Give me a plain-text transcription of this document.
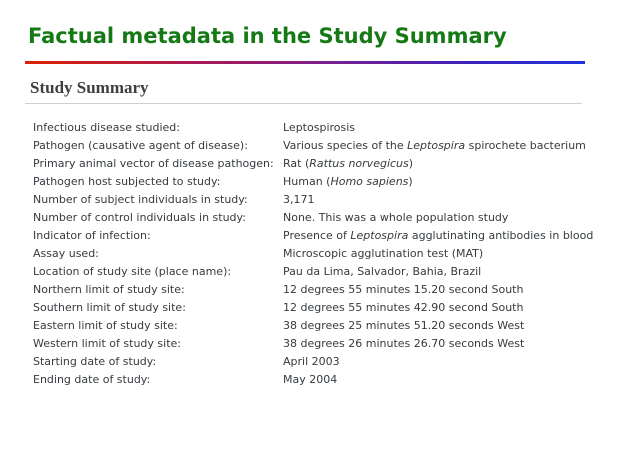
Factual metadata in the Study Summary
Study Summary
Infectious disease studied:	Leptospirosis
Pathogen (causative agent of disease):	Various species of the Leptospira spirochete bacterium
Primary animal vector of disease pathogen: Rat (Rattus norvegicus)
Pathogen host subjected to study:	Human (Homo sapiens)
Number of subject individuals in study:	3,171
Number of control individuals in study:	None. This was a whole population study
Indicator of infection:	Presence of Leptospira agglutinating antibodies in blood
Assay used:	Microscopic agglutination test (MAT)
Location of study site (place name):	Pau da Lima, Salvador, Bahia, Brazil
Northern limit of study site:	12 degrees 55 minutes 15.20 second South
Southern limit of study site:	12 degrees 55 minutes 42.90 second South
Eastern limit of study site:	38 degrees 25 minutes 51.20 seconds West
Western limit of study site:	38 degrees 26 minutes 26.70 seconds West
Starting date of study:	April 2003
Ending date of study:	May 2004
